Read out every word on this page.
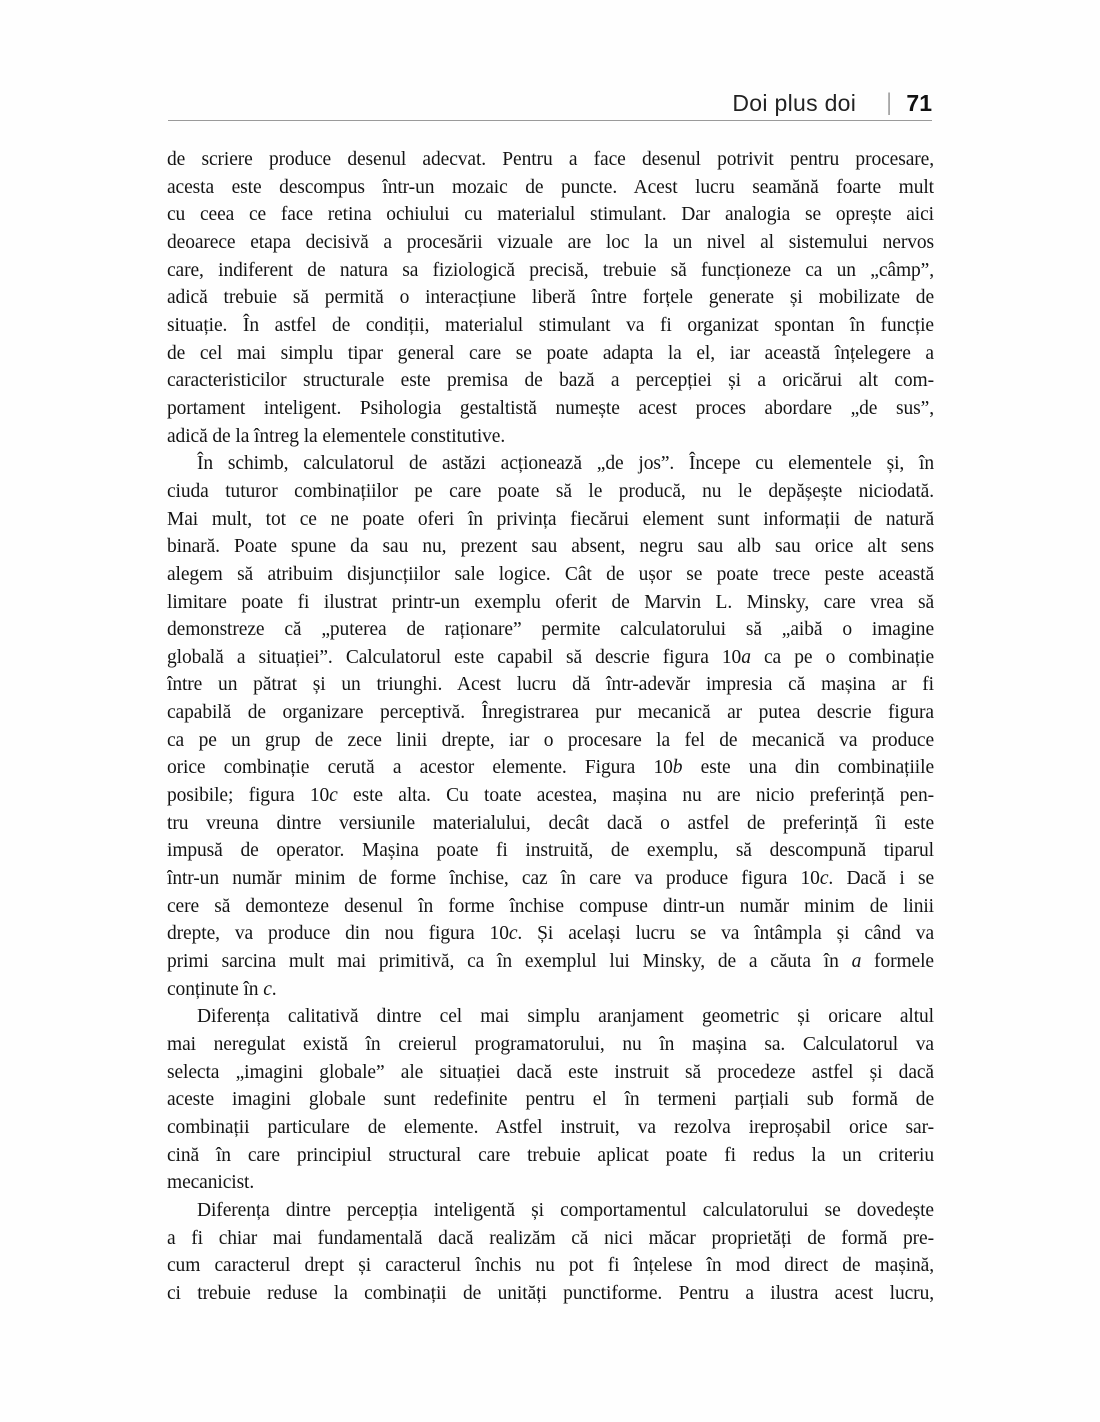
Doi plus doi | 71
de scriere produce desenul adecvat. Pentru a face desenul potrivit pentru procesare,
acesta este descompus într-un mozaic de puncte. Acest lucru seamănă foarte mult
cu ceea ce face retina ochiului cu materialul stimulant. Dar analogia se oprește aici
deoarece etapa decisivă a procesării vizuale are loc la un nivel al sistemului nervos
care, indiferent de natura sa fiziologică precisă, trebuie să funcționeze ca un „câmp”,
adică trebuie să permită o interacțiune liberă între forțele generate și mobilizate de
situație. În astfel de condiții, materialul stimulant va fi organizat spontan în funcție
de cel mai simplu tipar general care se poate adapta la el, iar această înțelegere a
caracteristicilor structurale este premisa de bază a percepției și a oricărui alt com-
portament inteligent. Psihologia gestaltistă numește acest proces abordare „de sus”,
adică de la întreg la elementele constitutive.
În schimb, calculatorul de astăzi acționează „de jos”. Începe cu elementele și, în
ciuda tuturor combinațiilor pe care poate să le producă, nu le depășește niciodată.
Mai mult, tot ce ne poate oferi în privința fiecărui element sunt informații de natură
binară. Poate spune da sau nu, prezent sau absent, negru sau alb sau orice alt sens
alegem să atribuim disjuncțiilor sale logice. Cât de ușor se poate trece peste această
limitare poate fi ilustrat printr-un exemplu oferit de Marvin L. Minsky, care vrea să
demonstreze că „puterea de raționare” permite calculatorului să „aibă o imagine
globală a situației”. Calculatorul este capabil să descrie figura 10a ca pe o combinație
între un pătrat și un triunghi. Acest lucru dă într-adevăr impresia că mașina ar fi
capabilă de organizare perceptivă. Înregistrarea pur mecanică ar putea descrie figura
ca pe un grup de zece linii drepte, iar o procesare la fel de mecanică va produce
orice combinație cerută a acestor elemente. Figura 10b este una din combinațiile
posibile; figura 10c este alta. Cu toate acestea, mașina nu are nicio preferință pen-
tru vreuna dintre versiunile materialului, decât dacă o astfel de preferință îi este
impusă de operator. Mașina poate fi instruită, de exemplu, să descompună tiparul
într-un număr minim de forme închise, caz în care va produce figura 10c. Dacă i se
cere să demonteze desenul în forme închise compuse dintr-un număr minim de linii
drepte, va produce din nou figura 10c. Și același lucru se va întâmpla și când va
primi sarcina mult mai primitivă, ca în exemplul lui Minsky, de a căuta în a formele
conținute în c.
Diferența calitativă dintre cel mai simplu aranjament geometric și oricare altul
mai neregulat există în creierul programatorului, nu în mașina sa. Calculatorul va
selecta „imagini globale” ale situației dacă este instruit să procedeze astfel și dacă
aceste imagini globale sunt redefinite pentru el în termeni parțiali sub formă de
combinații particulare de elemente. Astfel instruit, va rezolva ireproșabil orice sar-
cină în care principiul structural care trebuie aplicat poate fi redus la un criteriu
mecanicist.
Diferența dintre percepția inteligentă și comportamentul calculatorului se dovedește
a fi chiar mai fundamentală dacă realizăm că nici măcar proprietăți de formă pre-
cum caracterul drept și caracterul închis nu pot fi înțelese în mod direct de mașină,
ci trebuie reduse la combinații de unități punctiforme. Pentru a ilustra acest lucru,
